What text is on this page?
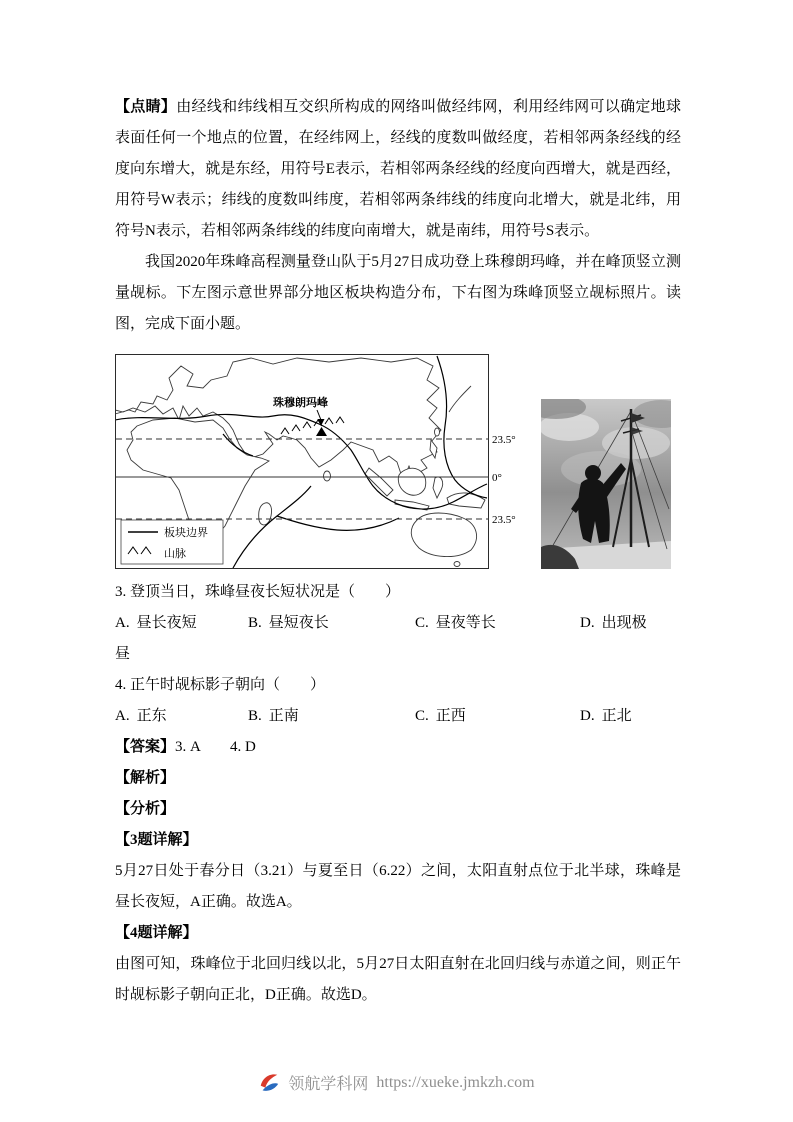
【点睛】由经线和纬线相互交织所构成的网络叫做经纬网，利用经纬网可以确定地球表面任何一个地点的位置，在经纬网上，经线的度数叫做经度，若相邻两条经线的经度向东增大，就是东经，用符号E表示，若相邻两条经线的经度向西增大，就是西经，用符号W表示；纬线的度数叫纬度，若相邻两条纬线的纬度向北增大，就是北纬，用符号N表示，若相邻两条纬线的纬度向南增大，就是南纬，用符号S表示。

我国2020年珠峰高程测量登山队于5月27日成功登上珠穆朗玛峰，并在峰顶竖立测量觇标。下左图示意世界部分地区板块构造分布，下右图为珠峰顶竖立觇标照片。读图，完成下面小题。

23.5°
0°
23.5°
珠穆朗玛峰
板块边界
山脉

3. 登顶当日，珠峰昼夜长短状况是（　　）

A. 昼长夜短	B. 昼短夜长	C. 昼夜等长	D. 出现极昼

4. 正午时觇标影子朝向（　　）

A. 正东	B. 正南	C. 正西	D. 正北

【答案】3. A　　4. D

【解析】

【分析】

【3题详解】

5月27日处于春分日（3.21）与夏至日（6.22）之间，太阳直射点位于北半球，珠峰是昼长夜短，A正确。故选A。

【4题详解】

由图可知，珠峰位于北回归线以北，5月27日太阳直射在北回归线与赤道之间，则正午时觇标影子朝向正北，D正确。故选D。

领航学科网 https://xueke.jmkzh.com
